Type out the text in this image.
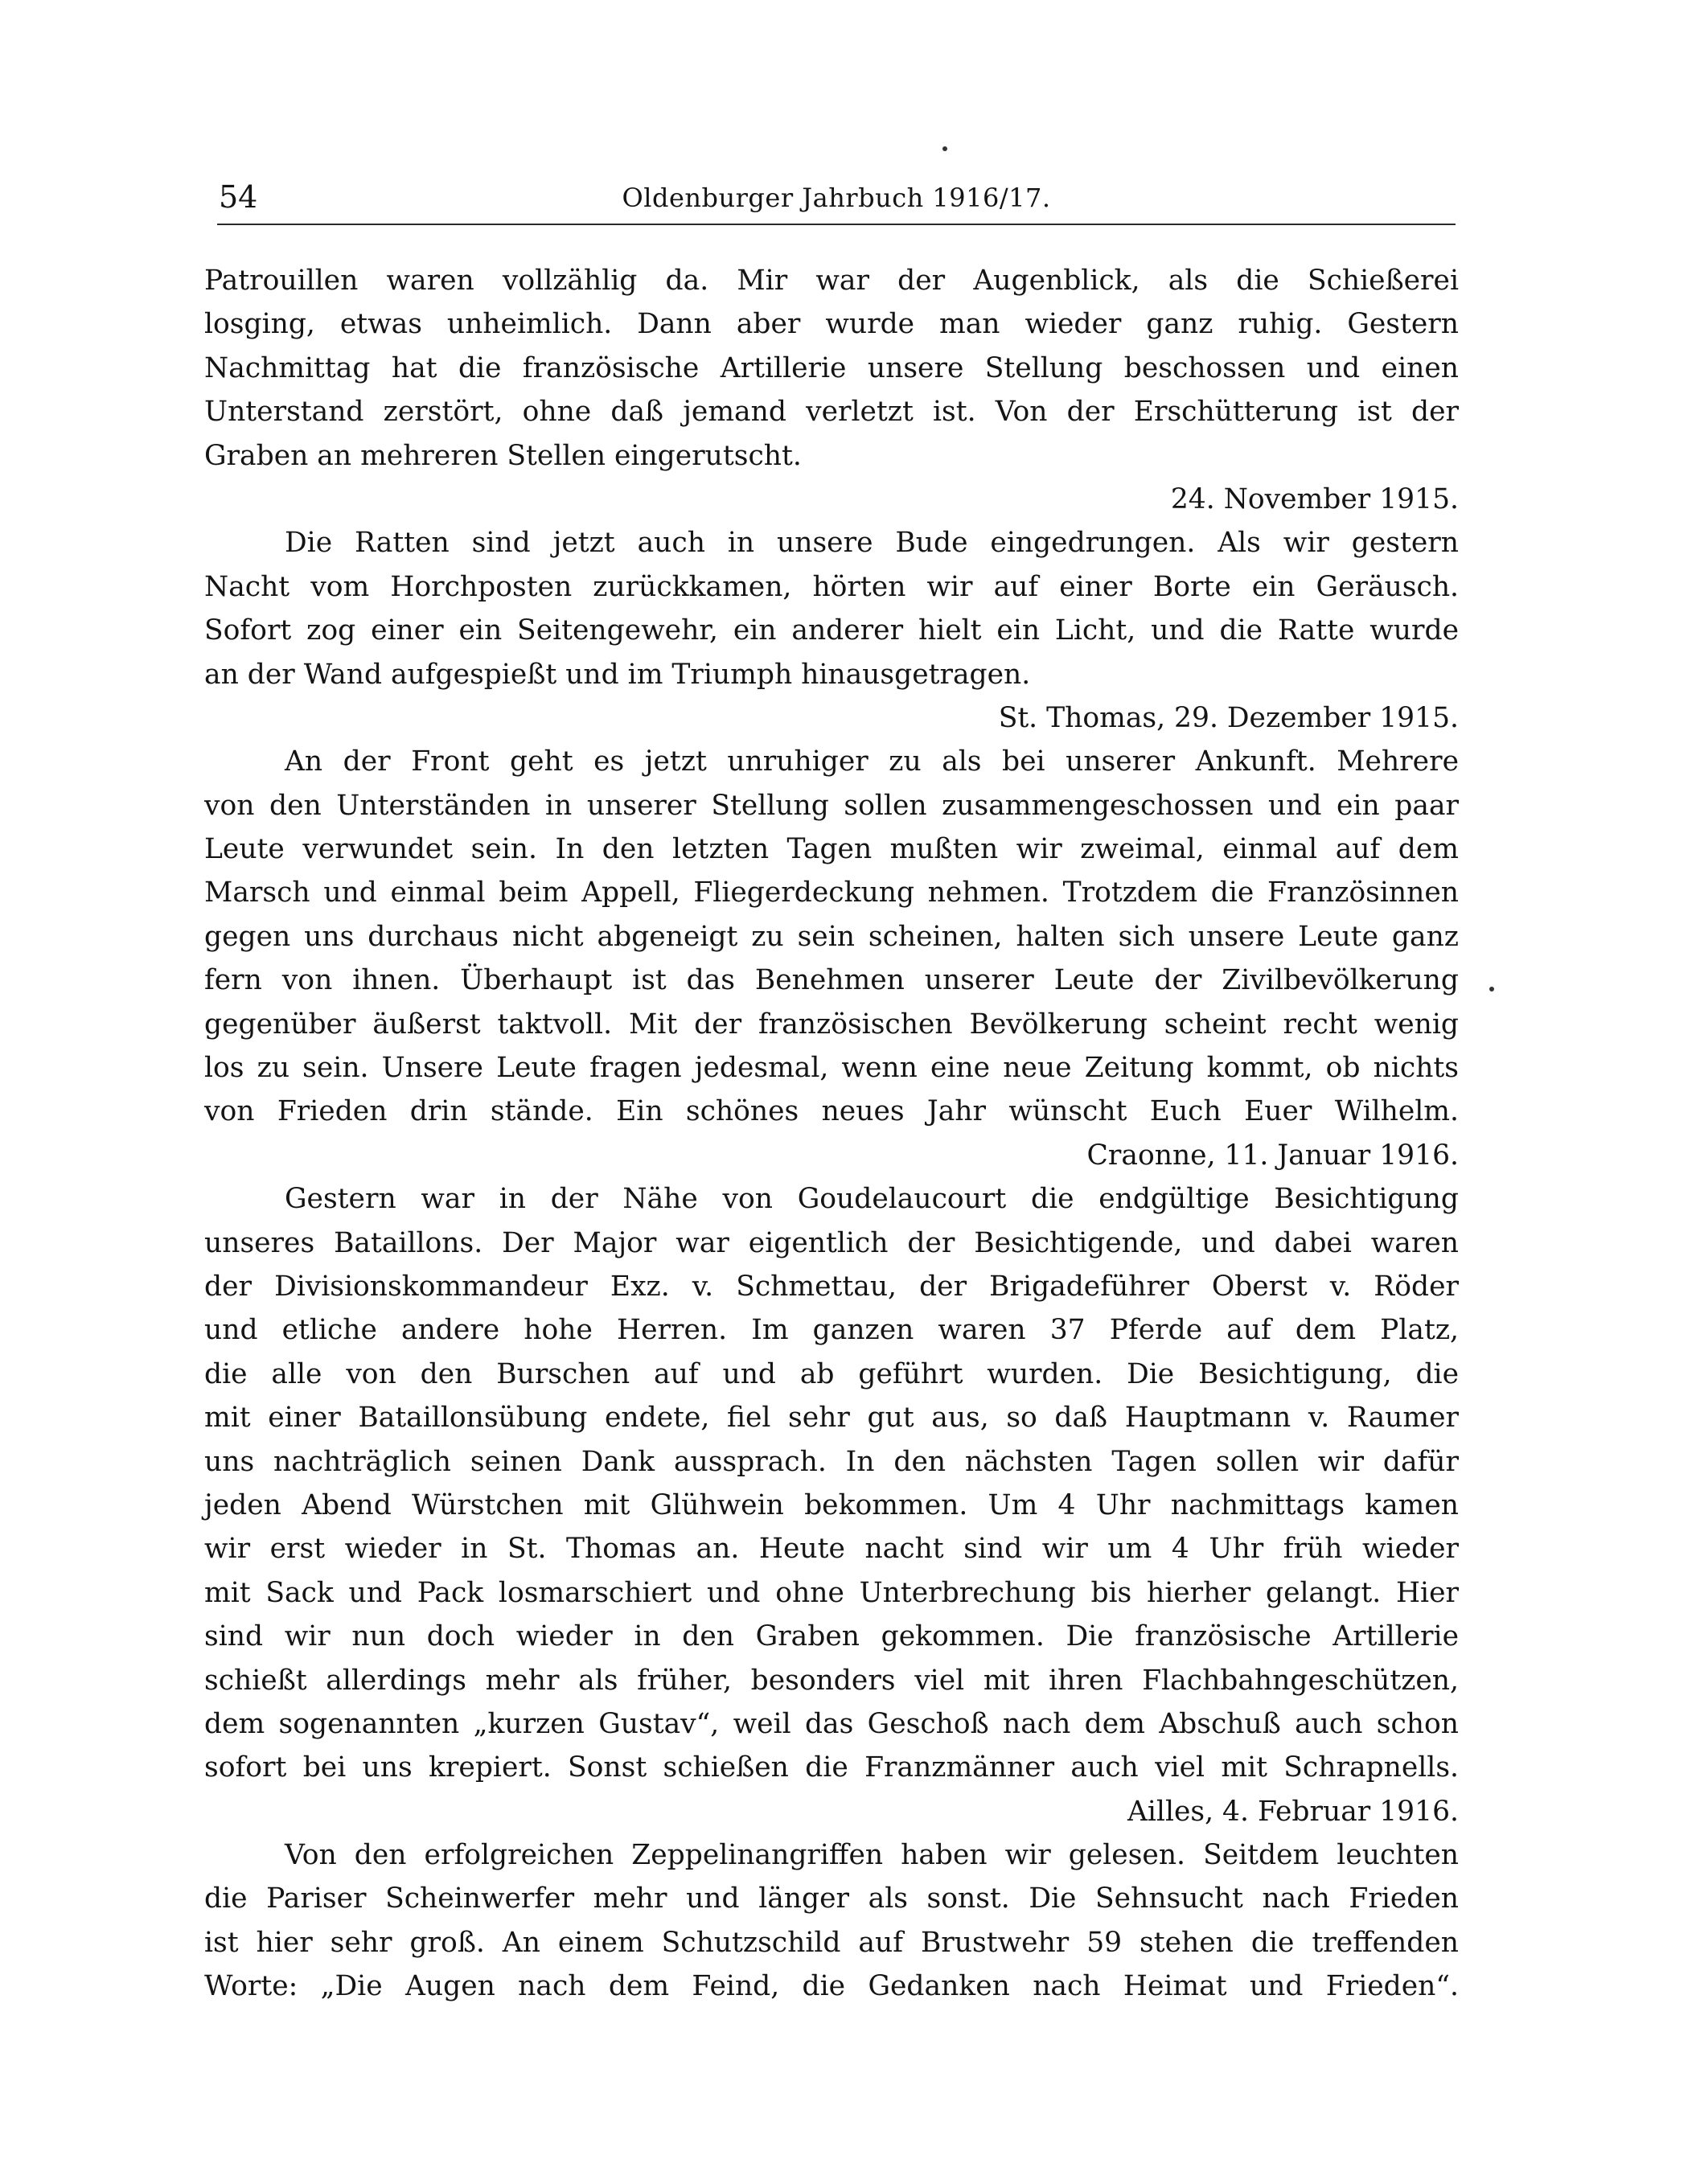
54	Oldenburger Jahrbuch 1916/17.
Patrouillen waren vollzählig da. Mir war der Augenblick, als die Schießerei
losging, etwas unheimlich. Dann aber wurde man wieder ganz ruhig. Gestern
Nachmittag hat die französische Artillerie unsere Stellung beschossen und einen
Unterstand zerstört, ohne daß jemand verletzt ist. Von der Erschütterung ist der
Graben an mehreren Stellen eingerutscht.
24. November 1915.
Die Ratten sind jetzt auch in unsere Bude eingedrungen. Als wir gestern
Nacht vom Horchposten zurückkamen, hörten wir auf einer Borte ein Geräusch.
Sofort zog einer ein Seitengewehr, ein anderer hielt ein Licht, und die Ratte wurde
an der Wand aufgespießt und im Triumph hinausgetragen.
St. Thomas, 29. Dezember 1915.
An der Front geht es jetzt unruhiger zu als bei unserer Ankunft. Mehrere
von den Unterständen in unserer Stellung sollen zusammengeschossen und ein paar
Leute verwundet sein. In den letzten Tagen mußten wir zweimal, einmal auf dem
Marsch und einmal beim Appell, Fliegerdeckung nehmen. Trotzdem die Französinnen
gegen uns durchaus nicht abgeneigt zu sein scheinen, halten sich unsere Leute ganz
fern von ihnen. Überhaupt ist das Benehmen unserer Leute der Zivilbevölkerung
gegenüber äußerst taktvoll. Mit der französischen Bevölkerung scheint recht wenig
los zu sein. Unsere Leute fragen jedesmal, wenn eine neue Zeitung kommt, ob nichts
von Frieden drin stände. Ein schönes neues Jahr wünscht Euch Euer Wilhelm.
Craonne, 11. Januar 1916.
Gestern war in der Nähe von Goudelaucourt die endgültige Besichtigung
unseres Bataillons. Der Major war eigentlich der Besichtigende, und dabei waren
der Divisionskommandeur Exz. v. Schmettau, der Brigadeführer Oberst v. Röder
und etliche andere hohe Herren. Im ganzen waren 37 Pferde auf dem Platz,
die alle von den Burschen auf und ab geführt wurden. Die Besichtigung, die
mit einer Bataillonsübung endete, fiel sehr gut aus, so daß Hauptmann v. Raumer
uns nachträglich seinen Dank aussprach. In den nächsten Tagen sollen wir dafür
jeden Abend Würstchen mit Glühwein bekommen. Um 4 Uhr nachmittags kamen
wir erst wieder in St. Thomas an. Heute nacht sind wir um 4 Uhr früh wieder
mit Sack und Pack losmarschiert und ohne Unterbrechung bis hierher gelangt. Hier
sind wir nun doch wieder in den Graben gekommen. Die französische Artillerie
schießt allerdings mehr als früher, besonders viel mit ihren Flachbahngeschützen,
dem sogenannten „kurzen Gustav“, weil das Geschoß nach dem Abschuß auch schon
sofort bei uns krepiert. Sonst schießen die Franzmänner auch viel mit Schrapnells.
Ailles, 4. Februar 1916.
Von den erfolgreichen Zeppelinangriffen haben wir gelesen. Seitdem leuchten
die Pariser Scheinwerfer mehr und länger als sonst. Die Sehnsucht nach Frieden
ist hier sehr groß. An einem Schutzschild auf Brustwehr 59 stehen die treffenden
Worte: „Die Augen nach dem Feind, die Gedanken nach Heimat und Frieden“.
